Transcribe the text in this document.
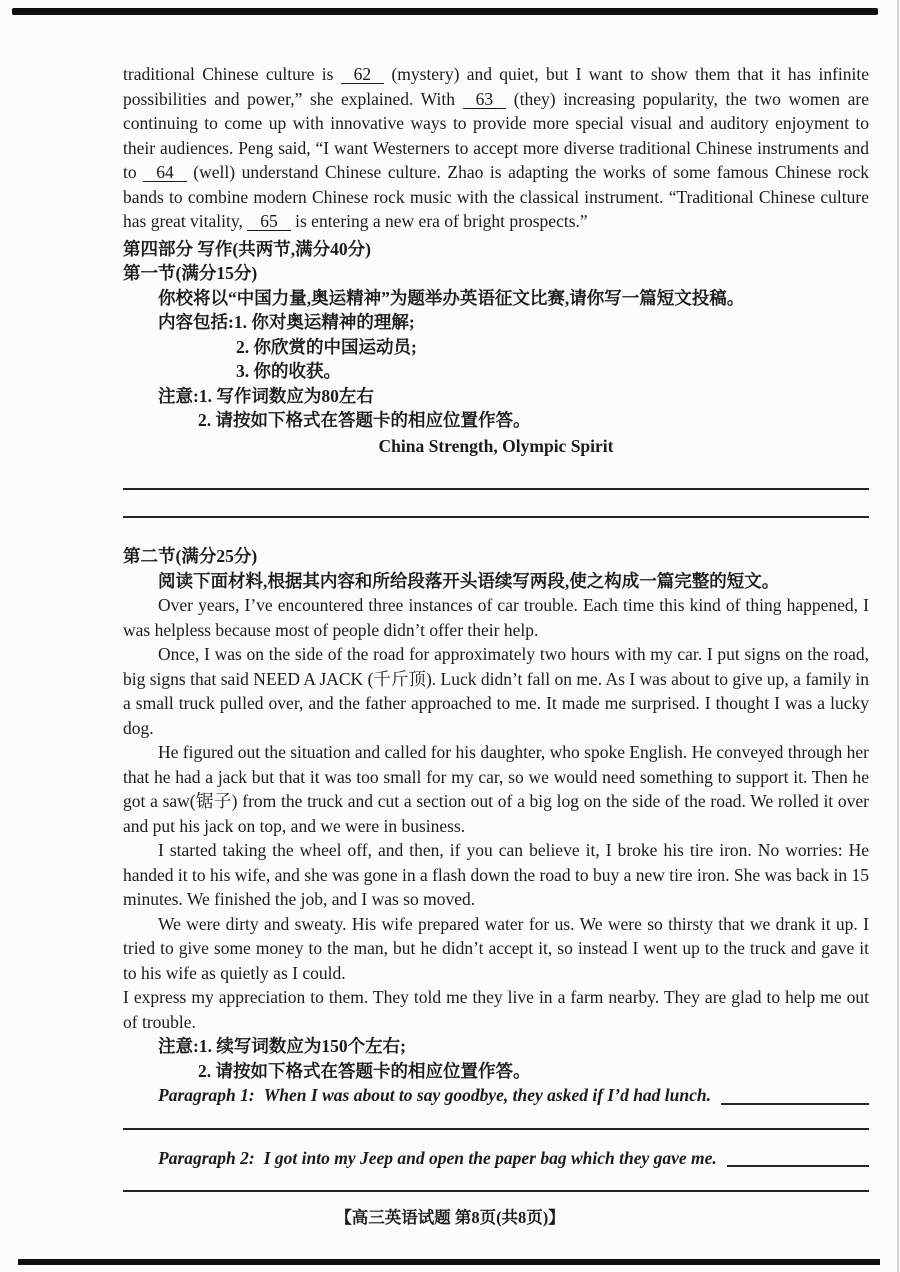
traditional Chinese culture is 62 (mystery) and quiet, but I want to show them that it has infinite possibilities and power,” she explained. With 63 (they) increasing popularity, the two women are continuing to come up with innovative ways to provide more special visual and auditory enjoyment to their audiences. Peng said, “I want Westerners to accept more diverse traditional Chinese instruments and to 64 (well) understand Chinese culture. Zhao is adapting the works of some famous Chinese rock bands to combine modern Chinese rock music with the classical instrument. “Traditional Chinese culture has great vitality, 65 is entering a new era of bright prospects.”

第四部分 写作(共两节,满分40分)
第一节(满分15分)
你校将以“中国力量,奥运精神”为题举办英语征文比赛,请你写一篇短文投稿。
内容包括:1. 你对奥运精神的理解;
2. 你欣赏的中国运动员;
3. 你的收获。
注意:1. 写作词数应为80左右
2. 请按如下格式在答题卡的相应位置作答。
China Strength, Olympic Spirit
第二节(满分25分)
阅读下面材料,根据其内容和所给段落开头语续写两段,使之构成一篇完整的短文。

Over years, I’ve encountered three instances of car trouble. Each time this kind of thing happened, I was helpless because most of people didn’t offer their help.

Once, I was on the side of the road for approximately two hours with my car. I put signs on the road, big signs that said NEED A JACK (千斤顶). Luck didn’t fall on me. As I was about to give up, a family in a small truck pulled over, and the father approached to me. It made me surprised. I thought I was a lucky dog.

He figured out the situation and called for his daughter, who spoke English. He conveyed through her that he had a jack but that it was too small for my car, so we would need something to support it. Then he got a saw(锯子) from the truck and cut a section out of a big log on the side of the road. We rolled it over and put his jack on top, and we were in business.

I started taking the wheel off, and then, if you can believe it, I broke his tire iron. No worries: He handed it to his wife, and she was gone in a flash down the road to buy a new tire iron. She was back in 15 minutes. We finished the job, and I was so moved.

We were dirty and sweaty. His wife prepared water for us. We were so thirsty that we drank it up. I tried to give some money to the man, but he didn’t accept it, so instead I went up to the truck and gave it to his wife as quietly as I could.

I express my appreciation to them. They told me they live in a farm nearby. They are glad to help me out of trouble.

注意:1. 续写词数应为150个左右;
2. 请按如下格式在答题卡的相应位置作答。
Paragraph 1: When I was about to say goodbye, they asked if I’d had lunch.
Paragraph 2: I got into my Jeep and open the paper bag which they gave me.
【高三英语试题 第8页(共8页)】
